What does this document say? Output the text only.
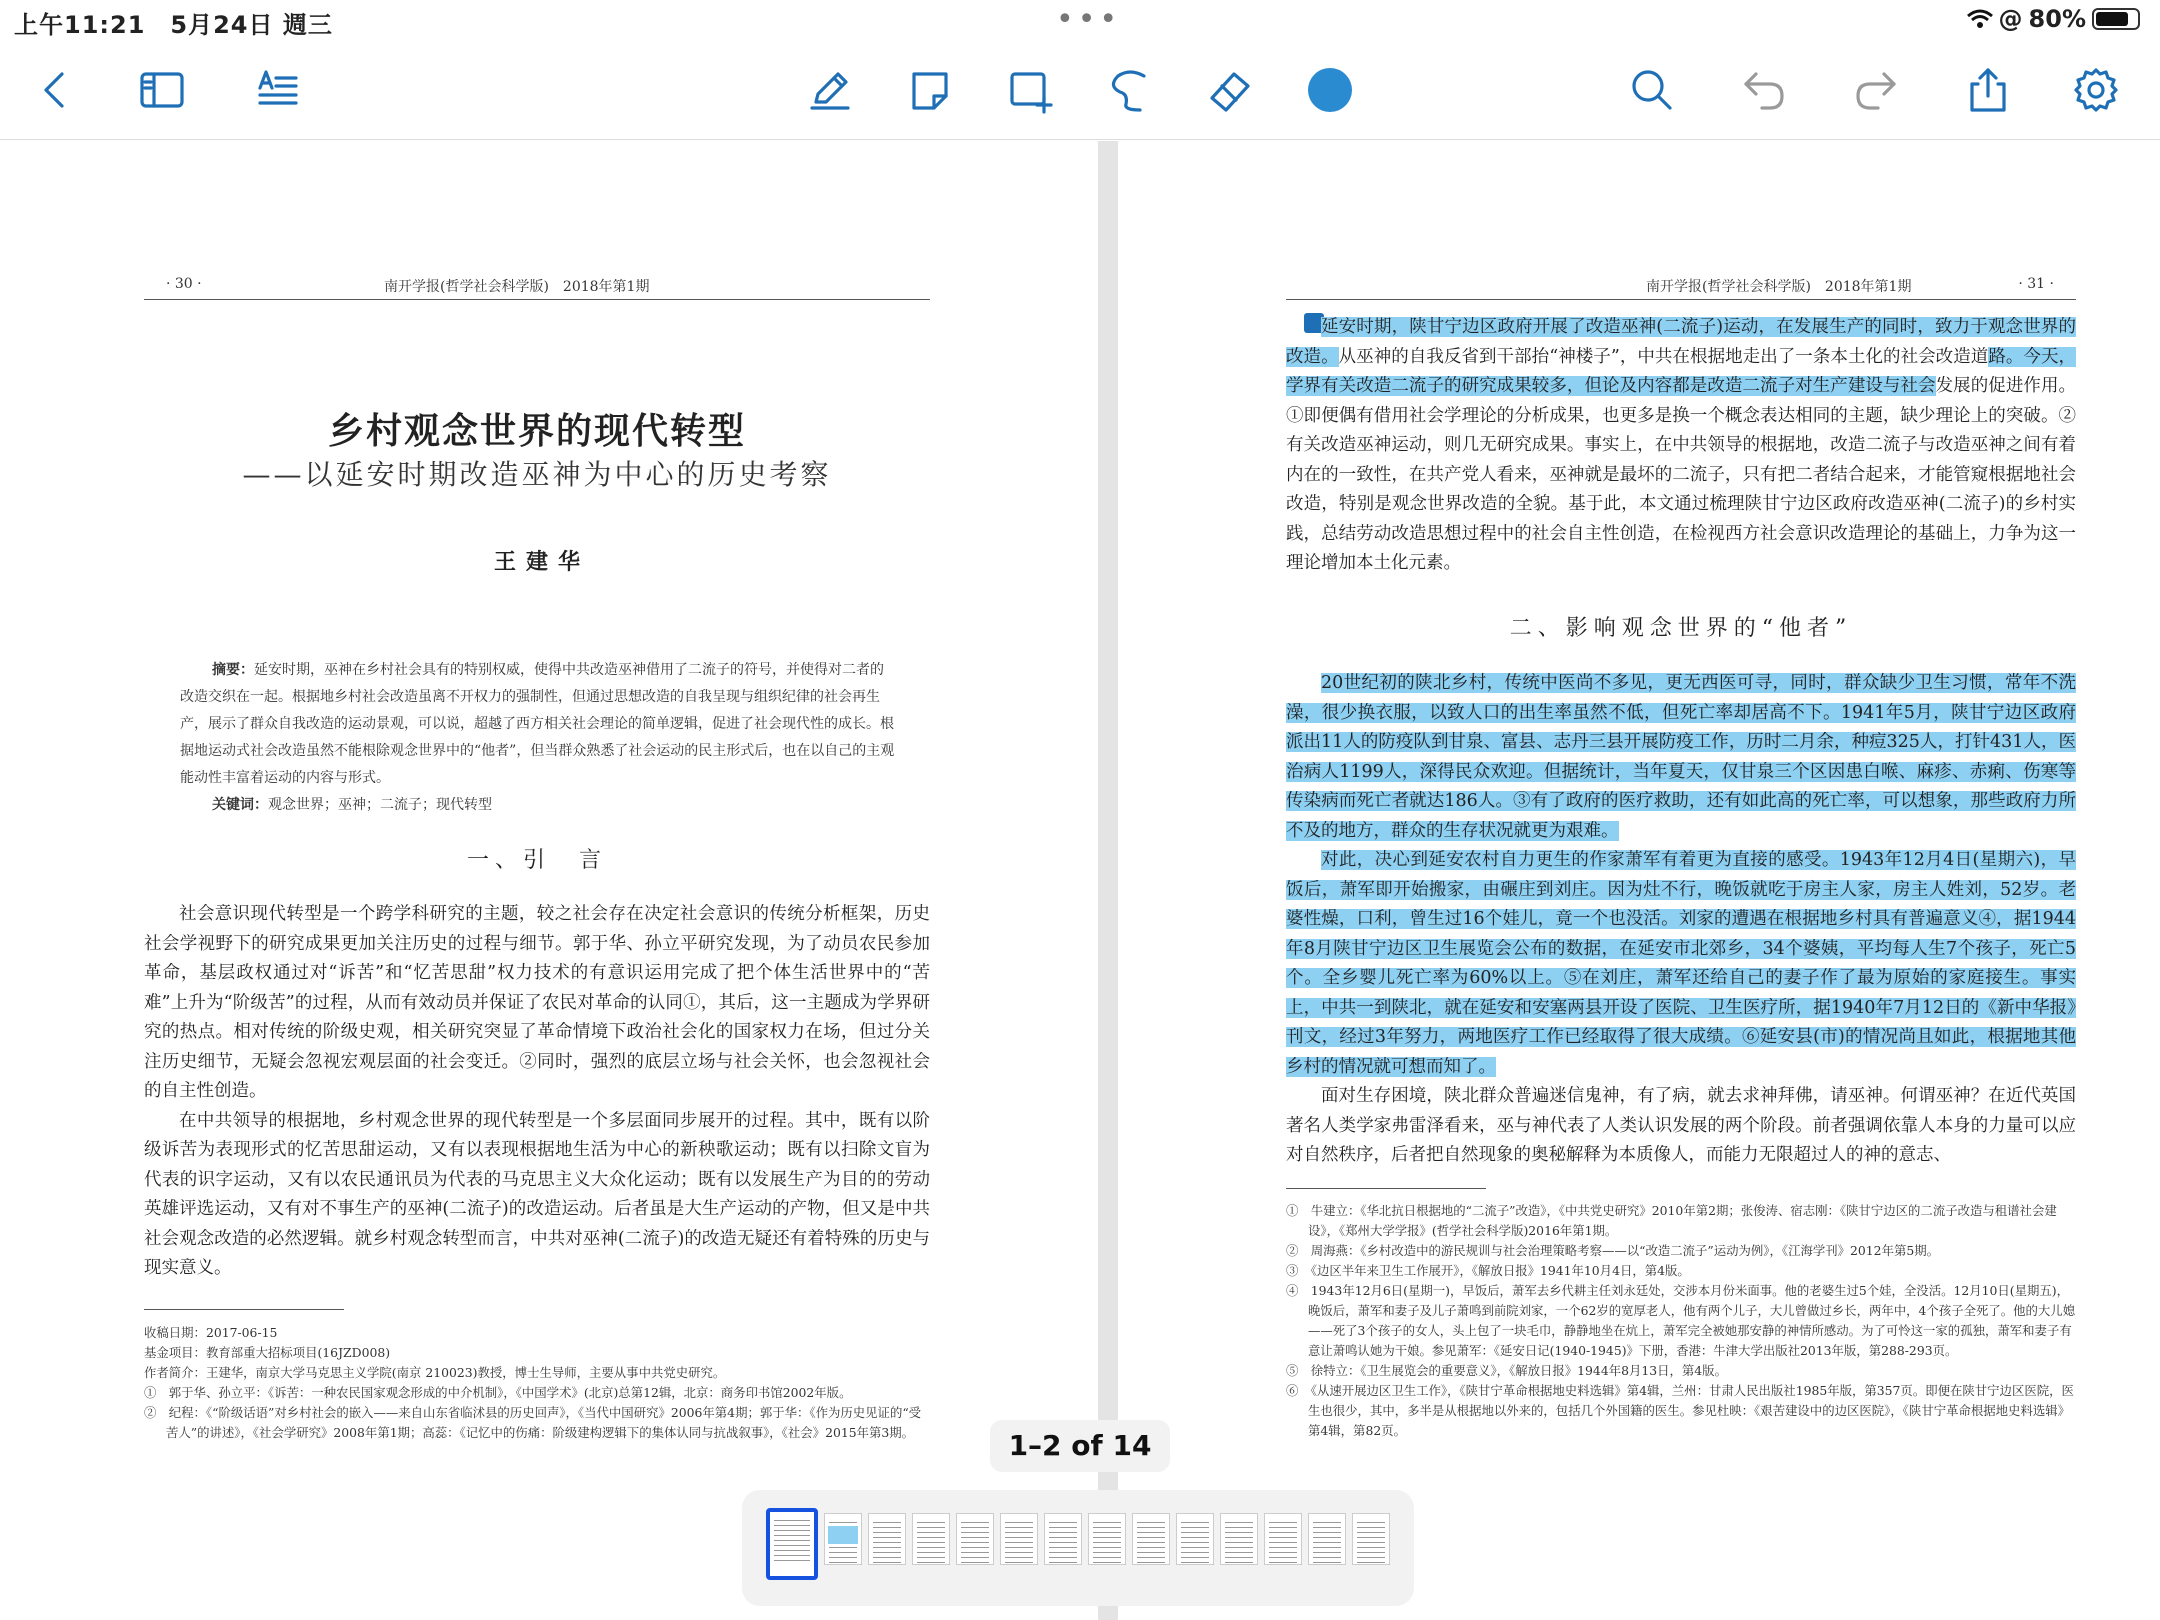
上午11:21　 5月24日 週三	•••	@ 80%
· 30 ·	南开学报(哲学社会科学版)　2018年第1期
乡村观念世界的现代转型
——以延安时期改造巫神为中心的历史考察
王建华
摘要：延安时期，巫神在乡村社会具有的特别权威，使得中共改造巫神借用了二流子的符号，并使得对二者的改造交织在一起。根据地乡村社会改造虽离不开权力的强制性，但通过思想改造的自我呈现与组织纪律的社会再生产，展示了群众自我改造的运动景观，可以说，超越了西方相关社会理论的简单逻辑，促进了社会现代性的成长。根据地运动式社会改造虽然不能根除观念世界中的“他者”，但当群众熟悉了社会运动的民主形式后，也在以自己的主观能动性丰富着运动的内容与形式。
关键词：观念世界；巫神；二流子；现代转型
一、引　言

社会意识现代转型是一个跨学科研究的主题，较之社会存在决定社会意识的传统分析框架，历史社会学视野下的研究成果更加关注历史的过程与细节。郭于华、孙立平研究发现，为了动员农民参加革命，基层政权通过对“诉苦”和“忆苦思甜”权力技术的有意识运用完成了把个体生活世界中的“苦难”上升为“阶级苦”的过程，从而有效动员并保证了农民对革命的认同①，其后，这一主题成为学界研究的热点。相对传统的阶级史观，相关研究突显了革命情境下政治社会化的国家权力在场，但过分关注历史细节，无疑会忽视宏观层面的社会变迁。②同时，强烈的底层立场与社会关怀，也会忽视社会的自主性创造。

在中共领导的根据地，乡村观念世界的现代转型是一个多层面同步展开的过程。其中，既有以阶级诉苦为表现形式的忆苦思甜运动，又有以表现根据地生活为中心的新秧歌运动；既有以扫除文盲为代表的识字运动，又有以农民通讯员为代表的马克思主义大众化运动；既有以发展生产为目的的劳动英雄评选运动，又有对不事生产的巫神(二流子)的改造运动。后者虽是大生产运动的产物，但又是中共社会观念改造的必然逻辑。就乡村观念转型而言，中共对巫神(二流子)的改造无疑还有着特殊的历史与现实意义。

收稿日期：2017-06-15
基金项目：教育部重大招标项目(16JZD008)
作者简介：王建华，南京大学马克思主义学院(南京 210023)教授，博士生导师，主要从事中共党史研究。
①　郭于华、孙立平：《诉苦：一种农民国家观念形成的中介机制》，《中国学术》(北京)总第12辑，北京：商务印书馆2002年版。
②　纪程：《“阶级话语”对乡村社会的嵌入——来自山东省临沭县的历史回声》，《当代中国研究》2006年第4期；郭于华：《作为历史见证的“受苦人”的讲述》，《社会学研究》2008年第1期；高蕊：《记忆中的伤痛：阶级建构逻辑下的集体认同与抗战叙事》，《社会》2015年第3期。
南开学报(哲学社会科学版)　2018年第1期	· 31 ·

延安时期，陕甘宁边区政府开展了改造巫神(二流子)运动，在发展生产的同时，致力于观念世界的改造。从巫神的自我反省到干部抬“神楼子”，中共在根据地走出了一条本土化的社会改造道路。今天，学界有关改造二流子的研究成果较多，但论及内容都是改造二流子对生产建设与社会发展的促进作用。①即便偶有借用社会学理论的分析成果，也更多是换一个概念表达相同的主题，缺少理论上的突破。②有关改造巫神运动，则几无研究成果。事实上，在中共领导的根据地，改造二流子与改造巫神之间有着内在的一致性，在共产党人看来，巫神就是最坏的二流子，只有把二者结合起来，才能管窥根据地社会改造，特别是观念世界改造的全貌。基于此，本文通过梳理陕甘宁边区政府改造巫神(二流子)的乡村实践，总结劳动改造思想过程中的社会自主性创造，在检视西方社会意识改造理论的基础上，力争为这一理论增加本土化元素。

二、影响观念世界的“他者”

20世纪初的陕北乡村，传统中医尚不多见，更无西医可寻，同时，群众缺少卫生习惯，常年不洗澡，很少换衣服，以致人口的出生率虽然不低，但死亡率却居高不下。1941年5月，陕甘宁边区政府派出11人的防疫队到甘泉、富县、志丹三县开展防疫工作，历时二月余，种痘325人，打针431人，医治病人1199人，深得民众欢迎。但据统计，当年夏天，仅甘泉三个区因患白喉、麻疹、赤痢、伤寒等传染病而死亡者就达186人。③有了政府的医疗救助，还有如此高的死亡率，可以想象，那些政府力所不及的地方，群众的生存状况就更为艰难。

对此，决心到延安农村自力更生的作家萧军有着更为直接的感受。1943年12月4日(星期六)，早饭后，萧军即开始搬家，由碾庄到刘庄。因为灶不行，晚饭就吃于房主人家，房主人姓刘，52岁。老婆性燥，口利，曾生过16个娃儿，竟一个也没活。刘家的遭遇在根据地乡村具有普遍意义④，据1944年8月陕甘宁边区卫生展览会公布的数据，在延安市北郊乡，34个婆姨，平均每人生7个孩子，死亡5个。全乡婴儿死亡率为60%以上。⑤在刘庄，萧军还给自己的妻子作了最为原始的家庭接生。事实上，中共一到陕北，就在延安和安塞两县开设了医院、卫生医疗所，据1940年7月12日的《新中华报》刊文，经过3年努力，两地医疗工作已经取得了很大成绩。⑥延安县(市)的情况尚且如此，根据地其他乡村的情况就可想而知了。

面对生存困境，陕北群众普遍迷信鬼神，有了病，就去求神拜佛，请巫神。何谓巫神？在近代英国著名人类学家弗雷泽看来，巫与神代表了人类认识发展的两个阶段。前者强调依靠人本身的力量可以应对自然秩序，后者把自然现象的奥秘解释为本质像人，而能力无限超过人的神的意志、

①　牛建立：《华北抗日根据地的“二流子”改造》，《中共党史研究》2010年第2期；张俊涛、宿志刚：《陕甘宁边区的二流子改造与租谱社会建设》，《郑州大学学报》(哲学社会科学版)2016年第1期。
②　周海燕：《乡村改造中的游民规训与社会治理策略考察——以“改造二流子”运动为例》，《江海学刊》2012年第5期。
③　《边区半年来卫生工作展开》，《解放日报》1941年10月4日，第4版。
④　1943年12月6日(星期一)，早饭后，萧军去乡代耕主任刘永廷处，交涉本月份米面事。他的老婆生过5个娃，全没活。12月10日(星期五)，晚饭后，萧军和妻子及儿子萧鸣到前院刘家，一个62岁的宽厚老人，他有两个儿子，大儿曾做过乡长，两年中，4个孩子全死了。他的大儿媳——死了3个孩子的女人，头上包了一块毛巾，静静地坐在炕上，萧军完全被她那安静的神情所感动。为了可怜这一家的孤独，萧军和妻子有意让萧鸣认她为干娘。参见萧军：《延安日记(1940-1945)》下册，香港：牛津大学出版社2013年版，第288-293页。
⑤　徐特立：《卫生展览会的重要意义》，《解放日报》1944年8月13日，第4版。
⑥　《从速开展边区卫生工作》，《陕甘宁革命根据地史料选辑》第4辑，兰州：甘肃人民出版社1985年版，第357页。即便在陕甘宁边区医院，医生也很少，其中，多半是从根据地以外来的，包括几个外国籍的医生。参见杜映：《艰苦建设中的边区医院》，《陕甘宁革命根据地史料选辑》第4辑，第82页。
1–2 of 14
